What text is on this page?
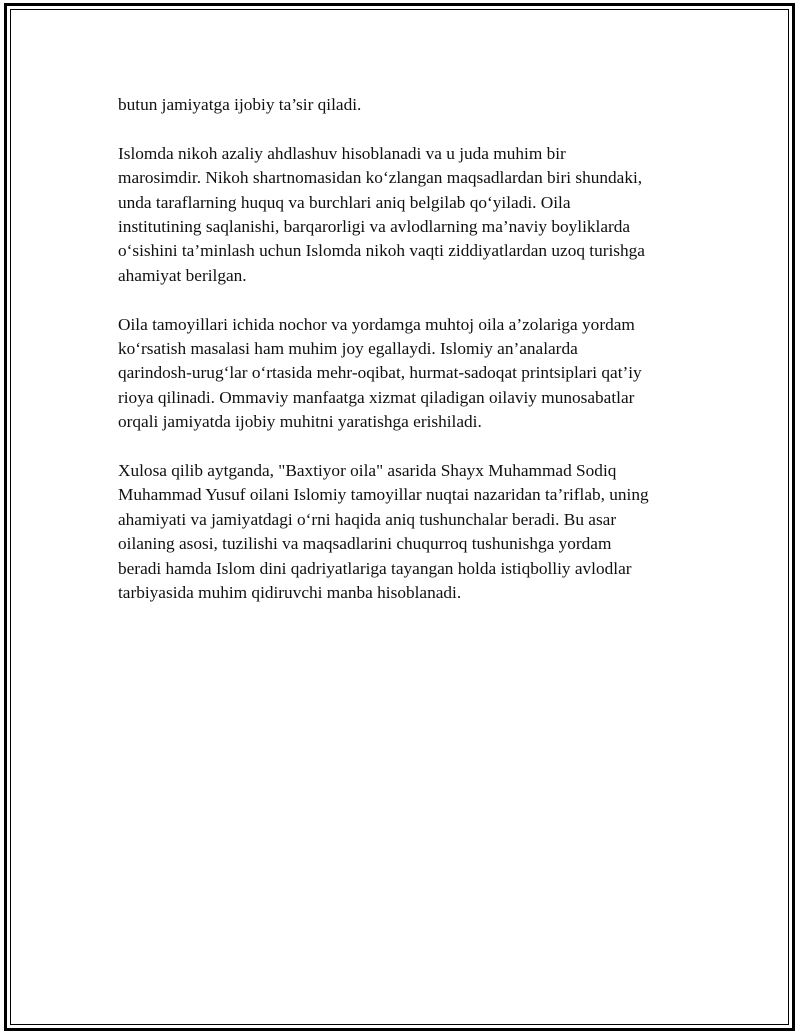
butun jamiyatga ijobiy ta’sir qiladi.

Islomda nikoh azaliy ahdlashuv hisoblanadi va u juda muhim bir
marosimdir. Nikoh shartnomasidan ko‘zlangan maqsadlardan biri shundaki,
unda taraflarning huquq va burchlari aniq belgilab qo‘yiladi. Oila
institutining saqlanishi, barqarorligi va avlodlarning ma’naviy boyliklarda
o‘sishini ta’minlash uchun Islomda nikoh vaqti ziddiyatlardan uzoq turishga
ahamiyat berilgan.

Oila tamoyillari ichida nochor va yordamga muhtoj oila a’zolariga yordam
ko‘rsatish masalasi ham muhim joy egallaydi. Islomiy an’analarda
qarindosh-urug‘lar o‘rtasida mehr-oqibat, hurmat-sadoqat printsiplari qat’iy
rioya qilinadi. Ommaviy manfaatga xizmat qiladigan oilaviy munosabatlar
orqali jamiyatda ijobiy muhitni yaratishga erishiladi.

Xulosa qilib aytganda, "Baxtiyor oila" asarida Shayx Muhammad Sodiq
Muhammad Yusuf oilani Islomiy tamoyillar nuqtai nazaridan ta’riflab, uning
ahamiyati va jamiyatdagi o‘rni haqida aniq tushunchalar beradi. Bu asar
oilaning asosi, tuzilishi va maqsadlarini chuqurroq tushunishga yordam
beradi hamda Islom dini qadriyatlariga tayangan holda istiqbolliy avlodlar
tarbiyasida muhim qidiruvchi manba hisoblanadi.
